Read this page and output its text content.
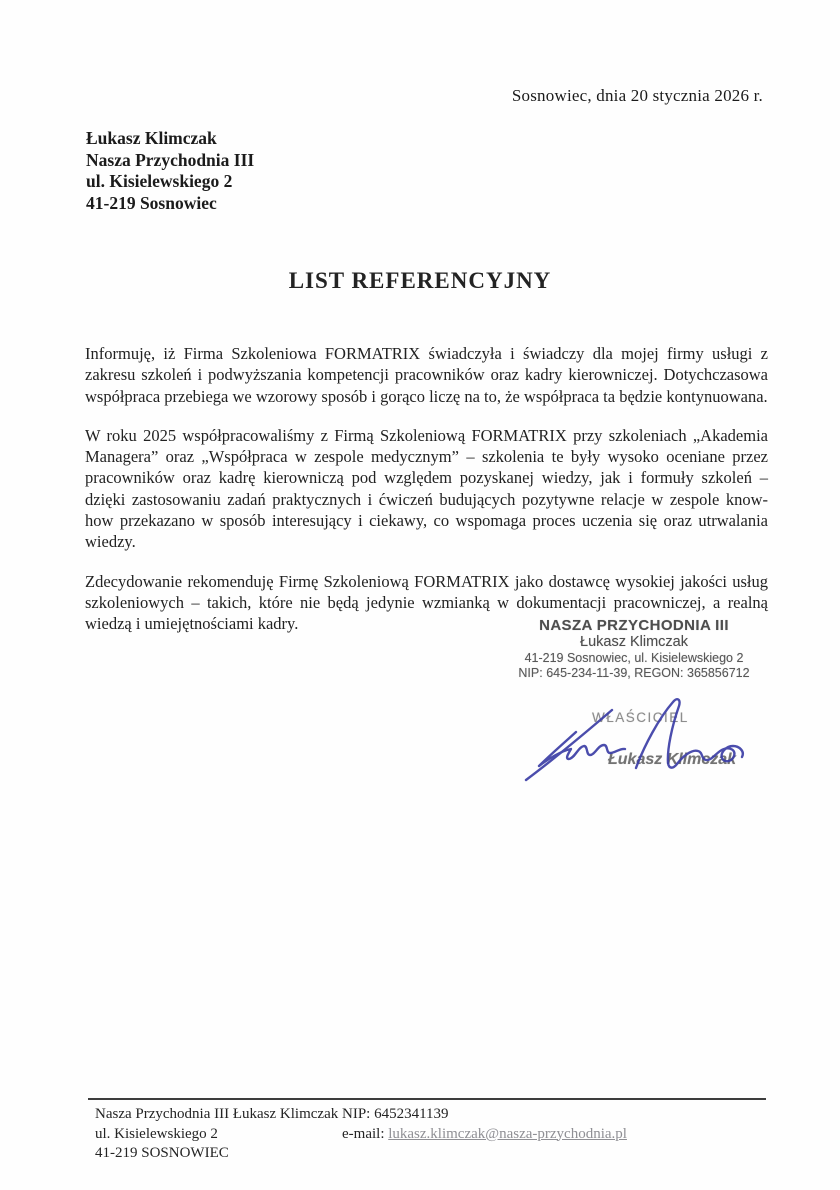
Sosnowiec, dnia 20 stycznia 2026 r.
Łukasz Klimczak
Nasza Przychodnia III
ul. Kisielewskiego 2
41-219 Sosnowiec
LIST REFERENCYJNY

Informuję, iż Firma Szkoleniowa FORMATRIX świadczyła i świadczy dla mojej firmy usługi z zakresu szkoleń i podwyższania kompetencji pracowników oraz kadry kierowniczej. Dotychczasowa współpraca przebiega we wzorowy sposób i gorąco liczę na to, że współpraca ta będzie kontynuowana.

W roku 2025 współpracowaliśmy z Firmą Szkoleniową FORMATRIX przy szkoleniach „Akademia Managera” oraz „Współpraca w zespole medycznym” – szkolenia te były wysoko oceniane przez pracowników oraz kadrę kierowniczą pod względem pozyskanej wiedzy, jak i formuły szkoleń – dzięki zastosowaniu zadań praktycznych i ćwiczeń budujących pozytywne relacje w zespole know-how przekazano w sposób interesujący i ciekawy, co wspomaga proces uczenia się oraz utrwalania wiedzy.

Zdecydowanie rekomenduję Firmę Szkoleniową FORMATRIX jako dostawcę wysokiej jakości usług szkoleniowych – takich, które nie będą jedynie wzmianką w dokumentacji pracowniczej, a realną wiedzą i umiejętnościami kadry.	NASZA PRZYCHODNIA III
Łukasz Klimczak
41-219 Sosnowiec, ul. Kisielewskiego 2
NIP: 645-234-11-39, REGON: 365856712
WŁAŚCICIEL
Łukasz Klimczak
Nasza Przychodnia III Łukasz Klimczak
ul. Kisielewskiego 2
41-219 SOSNOWIEC
NIP: 6452341139
e-mail: lukasz.klimczak@nasza-przychodnia.pl
